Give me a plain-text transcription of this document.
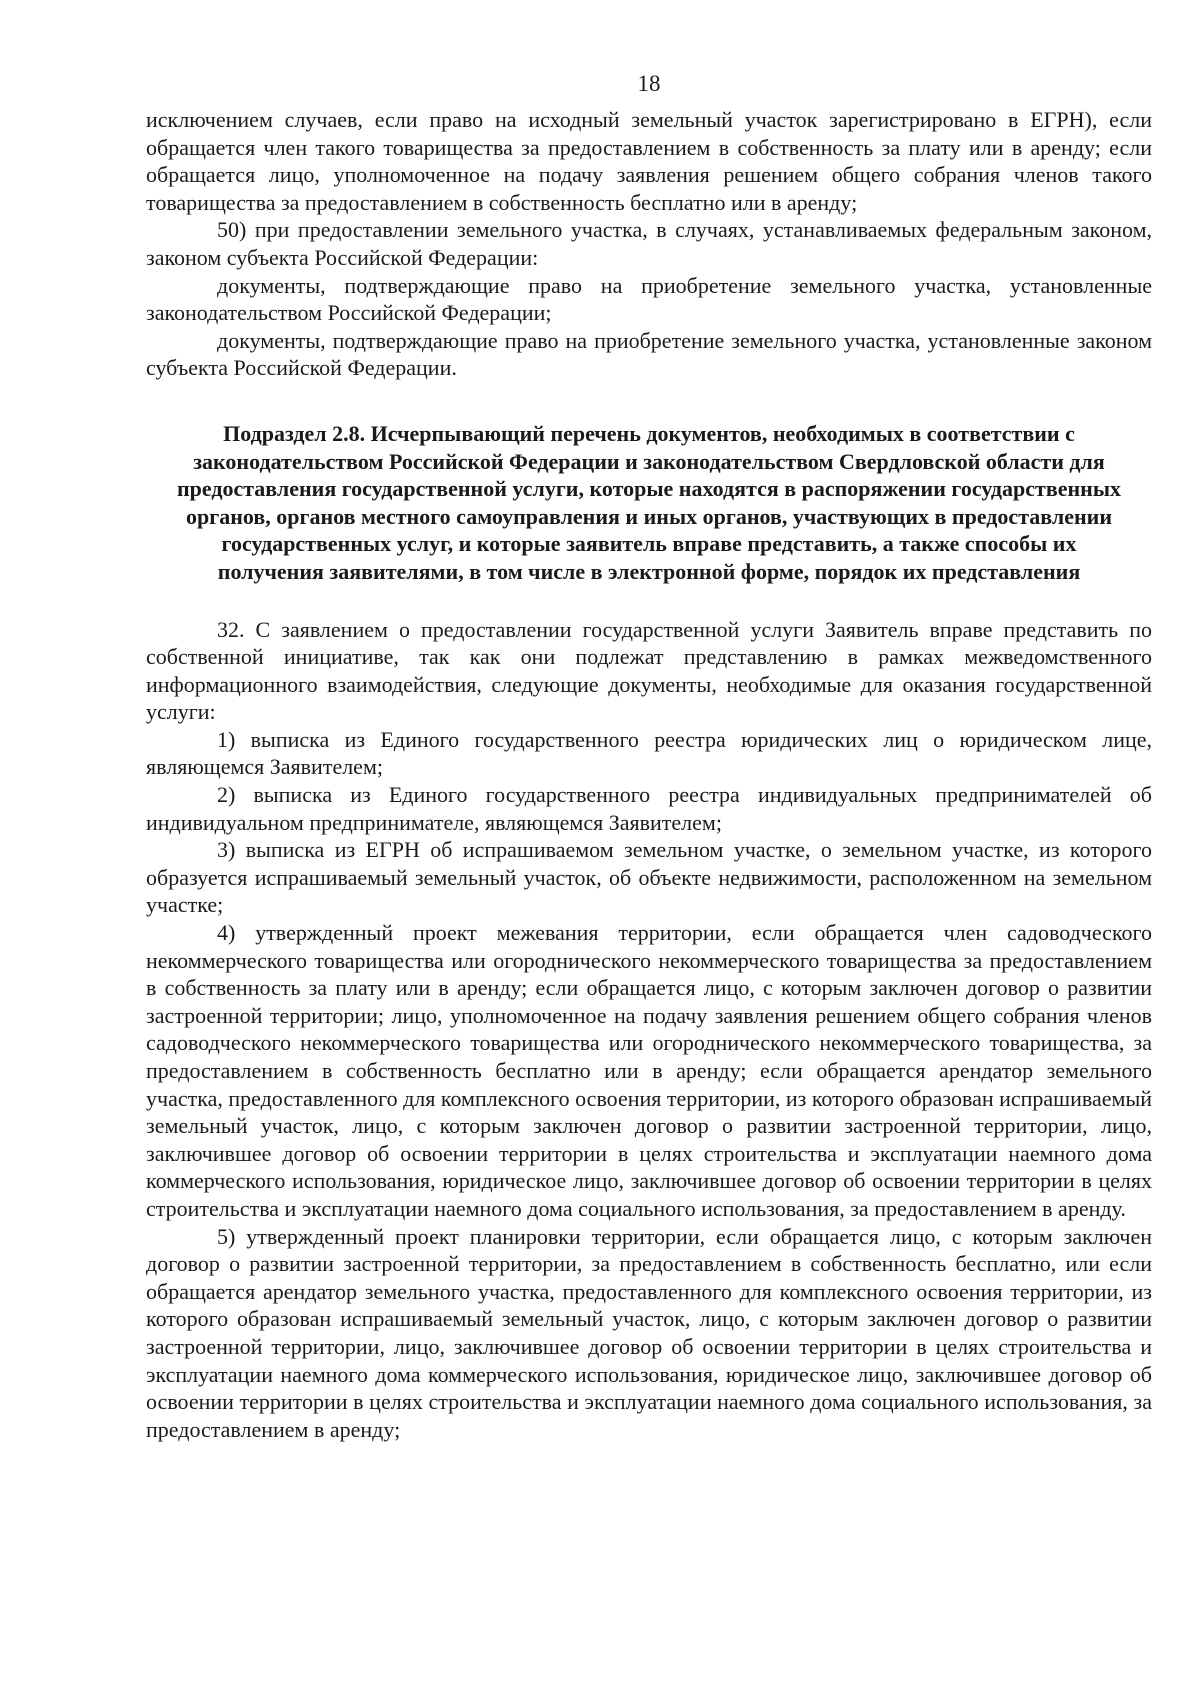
18

исключением случаев, если право на исходный земельный участок зарегистрировано в ЕГРН), если обращается член такого товарищества за предоставлением в собственность за плату или в аренду; если обращается лицо, уполномоченное на подачу заявления решением общего собрания членов такого товарищества за предоставлением в собственность бесплатно или в аренду;

50) при предоставлении земельного участка, в случаях, устанавливаемых федеральным законом, законом субъекта Российской Федерации:

документы, подтверждающие право на приобретение земельного участка, установленные законодательством Российской Федерации;

документы, подтверждающие право на приобретение земельного участка, установленные законом субъекта Российской Федерации.

Подраздел 2.8. Исчерпывающий перечень документов, необходимых в соответствии с законодательством Российской Федерации и законодательством Свердловской области для предоставления государственной услуги, которые находятся в распоряжении государственных органов, органов местного самоуправления и иных органов, участвующих в предоставлении государственных услуг, и которые заявитель вправе представить, а также способы их получения заявителями, в том числе в электронной форме, порядок их представления

32. С заявлением о предоставлении государственной услуги Заявитель вправе представить по собственной инициативе, так как они подлежат представлению в рамках межведомственного информационного взаимодействия, следующие документы, необходимые для оказания государственной услуги:

1) выписка из Единого государственного реестра юридических лиц о юридическом лице, являющемся Заявителем;

2) выписка из Единого государственного реестра индивидуальных предпринимателей об индивидуальном предпринимателе, являющемся Заявителем;

3) выписка из ЕГРН об испрашиваемом земельном участке, о земельном участке, из которого образуется испрашиваемый земельный участок, об объекте недвижимости, расположенном на земельном участке;

4) утвержденный проект межевания территории, если обращается член садоводческого некоммерческого товарищества или огороднического некоммерческого товарищества за предоставлением в собственность за плату или в аренду; если обращается лицо, с которым заключен договор о развитии застроенной территории; лицо, уполномоченное на подачу заявления решением общего собрания членов садоводческого некоммерческого товарищества или огороднического некоммерческого товарищества, за предоставлением в собственность бесплатно или в аренду; если обращается арендатор земельного участка, предоставленного для комплексного освоения территории, из которого образован испрашиваемый земельный участок, лицо, с которым заключен договор о развитии застроенной территории, лицо, заключившее договор об освоении территории в целях строительства и эксплуатации наемного дома коммерческого использования, юридическое лицо, заключившее договор об освоении территории в целях строительства и эксплуатации наемного дома социального использования, за предоставлением в аренду.

5) утвержденный проект планировки территории, если обращается лицо, с которым заключен договор о развитии застроенной территории, за предоставлением в собственность бесплатно, или если обращается арендатор земельного участка, предоставленного для комплексного освоения территории, из которого образован испрашиваемый земельный участок, лицо, с которым заключен договор о развитии застроенной территории, лицо, заключившее договор об освоении территории в целях строительства и эксплуатации наемного дома коммерческого использования, юридическое лицо, заключившее договор об освоении территории в целях строительства и эксплуатации наемного дома социального использования, за предоставлением в аренду;
